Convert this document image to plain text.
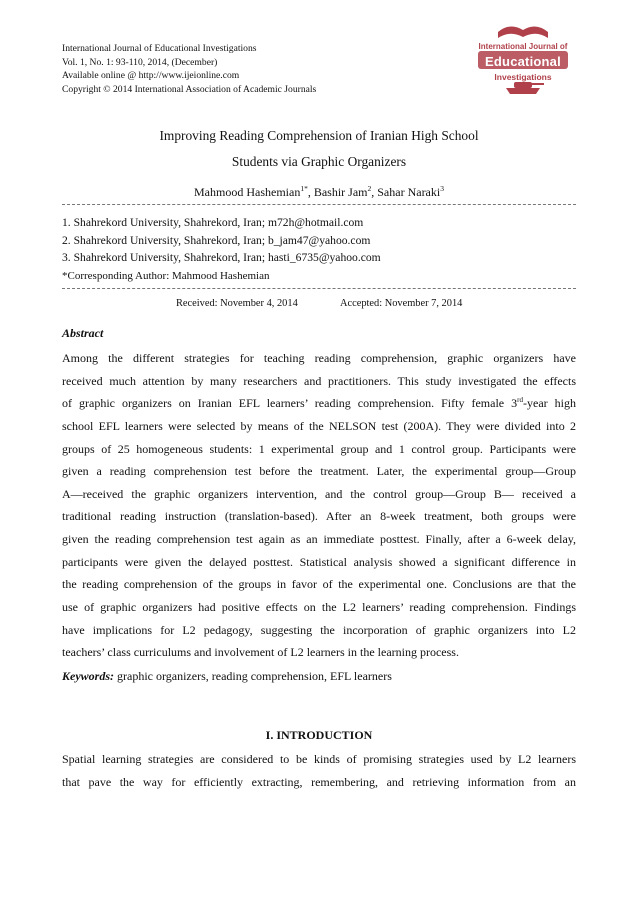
International Journal of Educational Investigations
Vol. 1, No. 1: 93-110, 2014, (December)
Available online @ http://www.ijeionline.com
Copyright © 2014 International Association of Academic Journals
International Journal of
Educational
Investigations
Improving Reading Comprehension of Iranian High School
Students via Graphic Organizers
Mahmood Hashemian$^{1*}$, Bashir Jam$^2$, Sahar Naraki$^3$
1. Shahrekord University, Shahrekord, Iran; m72h@hotmail.com
2. Shahrekord University, Shahrekord, Iran; b_jam47@yahoo.com
3. Shahrekord University, Shahrekord, Iran; hasti_6735@yahoo.com
*Corresponding Author: Mahmood Hashemian
Received: November 4, 2014	Accepted: November 7, 2014
Abstract
Among the different strategies for teaching reading comprehension, graphic organizers have
received much attention by many researchers and practitioners. This study investigated the effects
of graphic organizers on Iranian EFL learners’ reading comprehension. Fifty female 3rd-year high
school EFL learners were selected by means of the NELSON test (200A). They were divided into 2
groups of 25 homogeneous students: 1 experimental group and 1 control group. Participants were
given a reading comprehension test before the treatment. Later, the experimental group—Group
A—received the graphic organizers intervention, and the control group—Group B— received a
traditional reading instruction (translation-based). After an 8-week treatment, both groups were
given the reading comprehension test again as an immediate posttest. Finally, after a 6-week delay,
participants were given the delayed posttest. Statistical analysis showed a significant difference in
the reading comprehension of the groups in favor of the experimental one. Conclusions are that the
use of graphic organizers had positive effects on the L2 learners’ reading comprehension. Findings
have implications for L2 pedagogy, suggesting the incorporation of graphic organizers into L2
teachers’ class curriculums and involvement of L2 learners in the learning process.
Keywords: graphic organizers, reading comprehension, EFL learners
I. INTRODUCTION
Spatial learning strategies are considered to be kinds of promising strategies used by L2 learners
that pave the way for efficiently extracting, remembering, and retrieving information from an
